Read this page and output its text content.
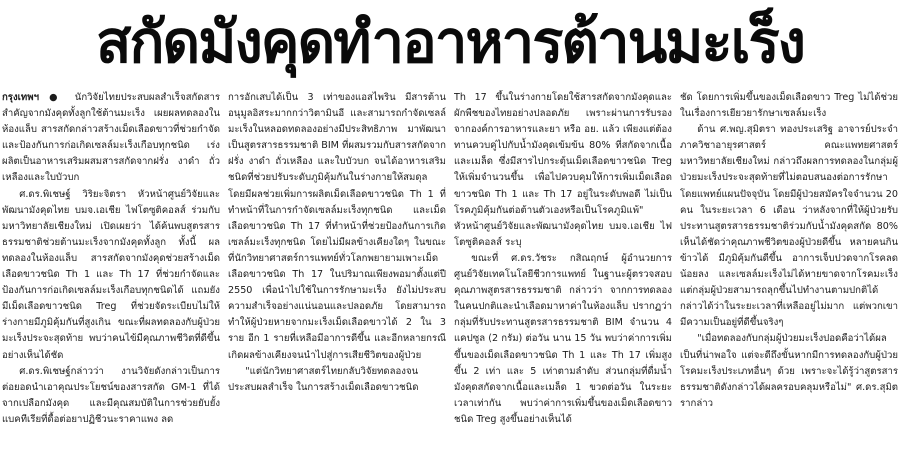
สกัดมังคุดทำอาหารต้านมะเร็ง

กรุงเทพฯ ● นักวิจัยไทยประสบผลสำเร็จสกัดสารสำคัญจากมังคุดทั้งลูกใช้ต้านมะเร็ง เผยผลทดลองในห้องแล็บ สารสกัดกล่าวสร้างเม็ดเลือดขาวที่ช่วยกำจัดและป้องกันการก่อเกิดเซลล์มะเร็งเกือบทุกชนิด เร่งผลิตเป็นอาหารเสริมผสมสารสกัดจากฝรั่ง งาดำ ถั่วเหลืองและใบบัวบก

ศ.ดร.พิเชษฐ์ วิริยะจิตรา หัวหน้าศูนย์วิจัยและพัฒนามังคุดไทย บมจ.เอเชีย ไฟโตซูติคอลส์ ร่วมกับมหาวิทยาลัยเชียงใหม่ เปิดเผยว่า ได้ค้นพบสูตรสารธรรมชาติช่วยต้านมะเร็งจากมังคุดทั้งลูก ทั้งนี้ ผลทดลองในห้องแล็บ สารสกัดจากมังคุดช่วยสร้างเม็ดเลือดขาวชนิด Th 1 และ Th 17 ที่ช่วยกำจัดและป้องกันการก่อเกิดเซลล์มะเร็งเกือบทุกชนิดได้ แถมยังมีเม็ดเลือดขาวชนิด Treg ที่ช่วยจัดระเบียบไม่ให้ร่างกายมีภูมิคุ้มกันที่สูงเกิน ขณะที่ผลทดลองกับผู้ป่วยมะเร็งประจะสุดท้าย พบว่าคนไข้มีคุณภาพชีวิตที่ดีขึ้นอย่างเห็นได้ชัด

ศ.ดร.พิเชษฐ์กล่าวว่า งานวิจัยดังกล่าวเป็นการต่อยอดนำเอาคุณประโยชน์ของสารสกัด GM-1 ที่ได้จากเปลือกมังคุด และมีคุณสมบัติในการช่วยยับยั้งแบคทีเรียที่ดื้อต่อยาปฏิชีวนะราคาแพง ลด

การอักเสบได้เป็น 3 เท่าของแอสไพริน มีสารต้านอนุมูลอิสระมากกว่าวิตามินอี และสามารถกำจัดเซลล์มะเร็งในหลอดทดลองอย่างมีประสิทธิภาพ มาพัฒนาเป็นสูตรสารธรรมชาติ BIM ที่ผสมรวมกับสารสกัดจากฝรั่ง งาดำ ถั่วเหลือง และใบบัวบก จนได้อาหารเสริมชนิดที่ช่วยปรับระดับภูมิคุ้มกันในร่างกายให้สมดุล โดยมีผลช่วยเพิ่มการผลิตเม็ดเลือดขาวชนิด Th 1 ที่ทำหน้าที่ในการกำจัดเซลล์มะเร็งทุกชนิด และเม็ดเลือดขาวชนิด Th 17 ที่ทำหน้าที่ช่วยป้องกันการเกิดเซลล์มะเร็งทุกชนิด โดยไม่มีผลข้างเคียงใดๆ ในขณะที่นักวิทยาศาสตร์การแพทย์ทั่วโลกพยายามเพาะเม็ดเลือดขาวชนิด Th 17 ในปริมาณเพียงพอมาตั้งแต่ปี 2550 เพื่อนำไปใช้ในการรักษามะเร็ง ยังไม่ประสบความสำเร็จอย่างแน่นอนและปลอดภัย โดยสามารถทำให้ผู้ป่วยหายจากมะเร็งเม็ดเลือดขาวได้ 2 ใน 3 ราย อีก 1 รายที่เหลือมีอาการดีขึ้น และอีกหลายกรณีเกิดผลข้างเคียงจนนำไปสู่การเสียชีวิตของผู้ป่วย

"แต่นักวิทยาศาสตร์ไทยกลับวิจัยทดลองจนประสบผลสำเร็จ ในการสร้างเม็ดเลือดขาวชนิด

Th 17 ขึ้นในร่างกายโดยใช้สารสกัดจากมังคุดและผักพืชของไทยอย่างปลอดภัย เพราะผ่านการรับรองจากองค์การอาหารและยา หรือ อย. แล้ว เพียงแต่ต้องทานควบคู่ไปกับน้ำมังคุดเข้มข้น 80% ที่สกัดจากเนื้อและเมล็ด ซึ่งมีสารไปกระตุ้นเม็ดเลือดขาวชนิด Treg ให้เพิ่มจำนวนขึ้น เพื่อไปควบคุมให้การเพิ่มเม็ดเลือดขาวชนิด Th 1 และ Th 17 อยู่ในระดับพอดี ไม่เป็นโรคภูมิคุ้มกันต่อต้านตัวเองหรือเป็นโรคภูมิแพ้" หัวหน้าศูนย์วิจัยและพัฒนามังคุดไทย บมจ.เอเชีย ไฟโตซูติคอลส์ ระบุ

ขณะที่ ศ.ดร.วัชระ กสิณฤกษ์ ผู้อำนวยการศูนย์วิจัยเทคโนโลยีชีวการแพทย์ ในฐานะผู้ตรวจสอบคุณภาพสูตรสารธรรมชาติ กล่าวว่า จากการทดลองในคนปกติและนำเลือดมาหาค่าในห้องแล็บ ปรากฏว่ากลุ่มที่รับประทานสูตรสารธรรมชาติ BIM จำนวน 4 แคปซูล (2 กรัม) ต่อวัน นาน 15 วัน พบว่าค่าการเพิ่มขึ้นของเม็ดเลือดขาวชนิด Th 1 และ Th 17 เพิ่มสูงขึ้น 2 เท่า และ 5 เท่าตามลำดับ ส่วนกลุ่มที่ดื่มน้ำมังคุดสกัดจากเนื้อและเมล็ด 1 ขวดต่อวัน ในระยะเวลาเท่ากัน พบว่าค่าการเพิ่มขึ้นของเม็ดเลือดขาวชนิด Treg สูงขึ้นอย่างเห็นได้

ชัด โดยการเพิ่มขึ้นของเม็ดเลือดขาว Treg ไม่ได้ช่วยในเรื่องการเยียวยารักษาเซลล์มะเร็ง

ด้าน ศ.พญ.สุมิตรา ทองประเสริฐ อาจารย์ประจำภาควิชาอายุรศาสตร์ คณะแพทยศาสตร์ มหาวิทยาลัยเชียงใหม่ กล่าวถึงผลการทดลองในกลุ่มผู้ป่วยมะเร็งประจะสุดท้ายที่ไม่ตอบสนองต่อการรักษาโดยแพทย์แผนปัจจุบัน โดยมีผู้ป่วยสมัครใจจำนวน 20 คน ในระยะเวลา 6 เดือน ว่าหลังจากที่ให้ผู้ป่วยรับประทานสูตรสารธรรมชาติร่วมกับน้ำมังคุดสกัด 80% เห็นได้ชัดว่าคุณภาพชีวิตของผู้ป่วยดีขึ้น หลายคนกินข้าวได้ มีภูมิคุ้มกันดีขึ้น อาการเจ็บปวดจากโรคลดน้อยลง และเซลล์มะเร็งไม่ได้หายขาดจากโรคมะเร็ง แต่กลุ่มผู้ป่วยสามารถลุกขึ้นไปทำงานตามปกติได้ กล่าวได้ว่าในระยะเวลาที่เหลืออยู่ไม่มาก แต่พวกเขามีความเป็นอยู่ที่ดีขึ้นจริงๆ

"เมื่อทดลองกับกลุ่มผู้ป่วยมะเร็งปอดคือว่าได้ผลเป็นที่น่าพอใจ แต่จะดีถึงขั้นหากมีการทดลองกับผู้ป่วยโรคมะเร็งประเภทอื่นๆ ด้วย เพราะจะได้รู้ว่าสูตรสารธรรมชาติดังกล่าวได้ผลครอบคลุมหรือไม่" ศ.ดร.สุมิตรากล่าว
